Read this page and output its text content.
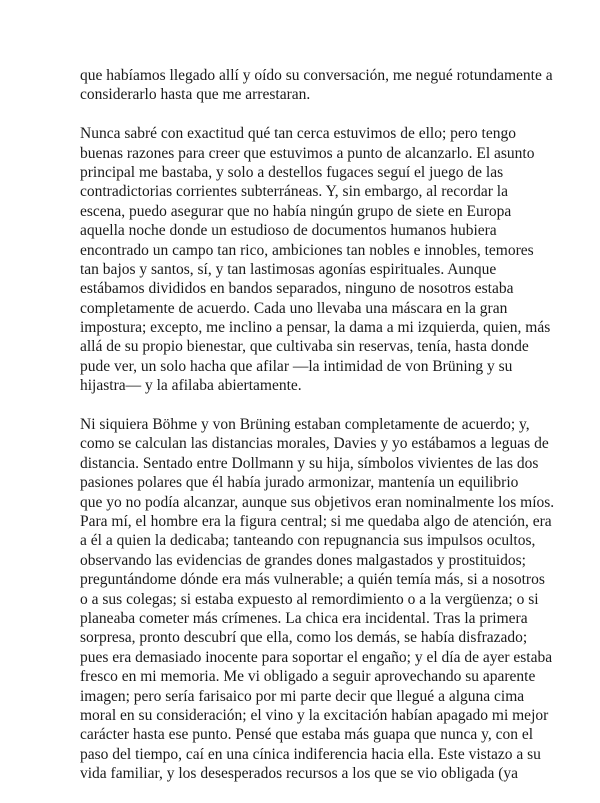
que habíamos llegado allí y oído su conversación, me negué rotundamente a
considerarlo hasta que me arrestaran.

Nunca sabré con exactitud qué tan cerca estuvimos de ello; pero tengo
buenas razones para creer que estuvimos a punto de alcanzarlo. El asunto
principal me bastaba, y solo a destellos fugaces seguí el juego de las
contradictorias corrientes subterráneas. Y, sin embargo, al recordar la
escena, puedo asegurar que no había ningún grupo de siete en Europa
aquella noche donde un estudioso de documentos humanos hubiera
encontrado un campo tan rico, ambiciones tan nobles e innobles, temores
tan bajos y santos, sí, y tan lastimosas agonías espirituales. Aunque
estábamos divididos en bandos separados, ninguno de nosotros estaba
completamente de acuerdo. Cada uno llevaba una máscara en la gran
impostura; excepto, me inclino a pensar, la dama a mi izquierda, quien, más
allá de su propio bienestar, que cultivaba sin reservas, tenía, hasta donde
pude ver, un solo hacha que afilar —la intimidad de von Brüning y su
hijastra— y la afilaba abiertamente.

Ni siquiera Böhme y von Brüning estaban completamente de acuerdo; y,
como se calculan las distancias morales, Davies y yo estábamos a leguas de
distancia. Sentado entre Dollmann y su hija, símbolos vivientes de las dos
pasiones polares que él había jurado armonizar, mantenía un equilibrio
que yo no podía alcanzar, aunque sus objetivos eran nominalmente los míos.
Para mí, el hombre era la figura central; si me quedaba algo de atención, era
a él a quien la dedicaba; tanteando con repugnancia sus impulsos ocultos,
observando las evidencias de grandes dones malgastados y prostituidos;
preguntándome dónde era más vulnerable; a quién temía más, si a nosotros
o a sus colegas; si estaba expuesto al remordimiento o a la vergüenza; o si
planeaba cometer más crímenes. La chica era incidental. Tras la primera
sorpresa, pronto descubrí que ella, como los demás, se había disfrazado;
pues era demasiado inocente para soportar el engaño; y el día de ayer estaba
fresco en mi memoria. Me vi obligado a seguir aprovechando su aparente
imagen; pero sería farisaico por mi parte decir que llegué a alguna cima
moral en su consideración; el vino y la excitación habían apagado mi mejor
carácter hasta ese punto. Pensé que estaba más guapa que nunca y, con el
paso del tiempo, caí en una cínica indiferencia hacia ella. Este vistazo a su
vida familiar, y los desesperados recursos a los que se vio obligada (ya
